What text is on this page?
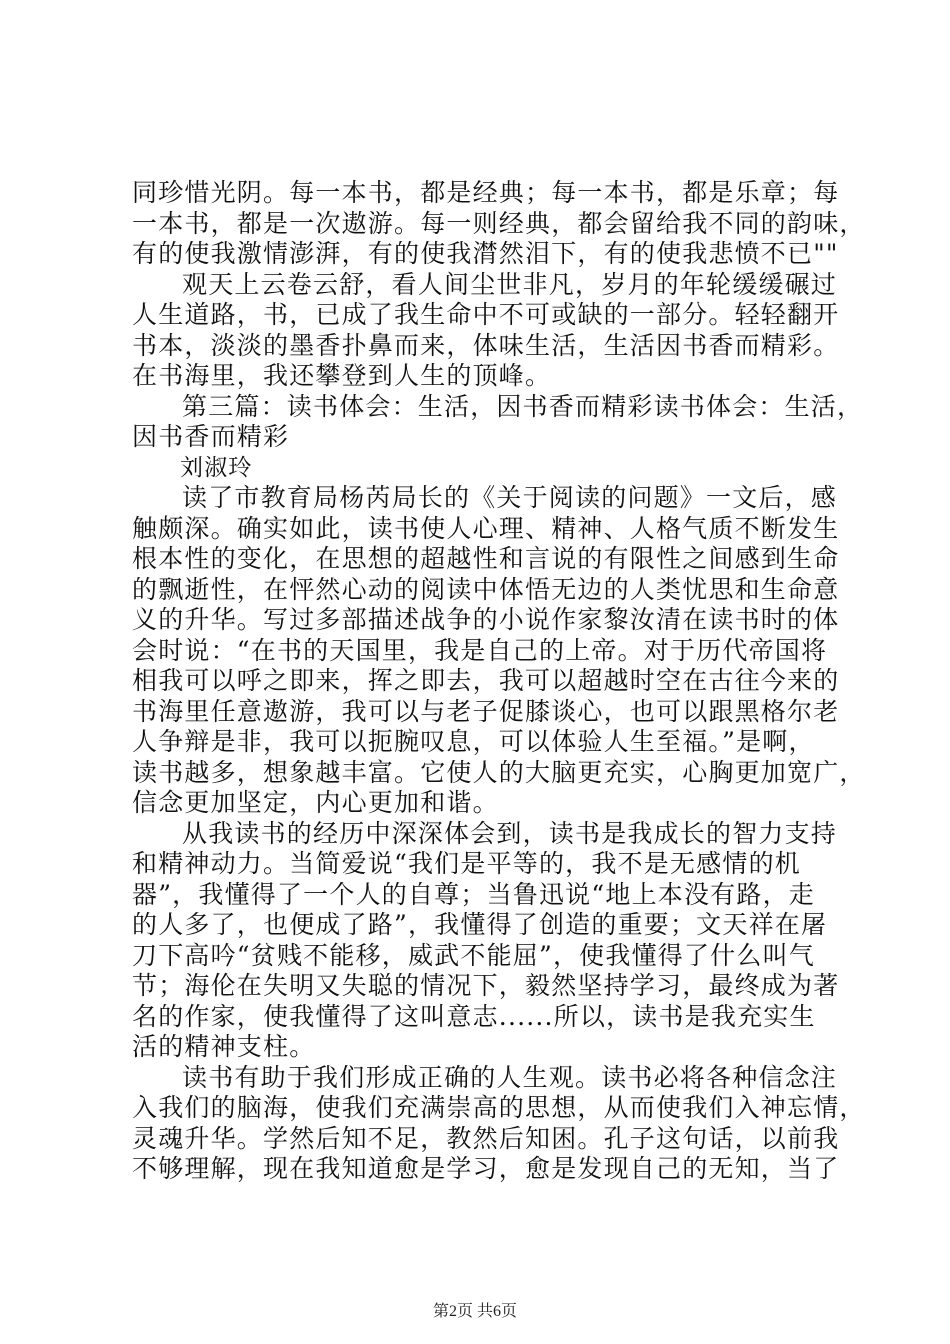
同珍惜光阴。每一本书，都是经典；每一本书，都是乐章；每
一本书，都是一次遨游。每一则经典，都会留给我不同的韵味，
有的使我激情澎湃，有的使我潸然泪下，有的使我悲愤不已""
观天上云卷云舒，看人间尘世非凡，岁月的年轮缓缓碾过
人生道路，书，已成了我生命中不可或缺的一部分。轻轻翻开
书本，淡淡的墨香扑鼻而来，体味生活，生活因书香而精彩。
在书海里，我还攀登到人生的顶峰。
第三篇：读书体会：生活，因书香而精彩读书体会：生活，
因书香而精彩
刘淑玲
读了市教育局杨芮局长的《关于阅读的问题》一文后，感
触颇深。确实如此，读书使人心理、精神、人格气质不断发生
根本性的变化，在思想的超越性和言说的有限性之间感到生命
的飘逝性，在怦然心动的阅读中体悟无边的人类忧思和生命意
义的升华。写过多部描述战争的小说作家黎汝清在读书时的体
会时说：“在书的天国里，我是自己的上帝。对于历代帝国将
相我可以呼之即来，挥之即去，我可以超越时空在古往今来的
书海里任意遨游，我可以与老子促膝谈心，也可以跟黑格尔老
人争辩是非，我可以扼腕叹息，可以体验人生至福。”是啊，
读书越多，想象越丰富。它使人的大脑更充实，心胸更加宽广，
信念更加坚定，内心更加和谐。
从我读书的经历中深深体会到，读书是我成长的智力支持
和精神动力。当简爱说“我们是平等的，我不是无感情的机
器”，我懂得了一个人的自尊；当鲁迅说“地上本没有路，走
的人多了，也便成了路”，我懂得了创造的重要；文天祥在屠
刀下高吟“贫贱不能移，威武不能屈”，使我懂得了什么叫气
节；海伦在失明又失聪的情况下，毅然坚持学习，最终成为著
名的作家，使我懂得了这叫意志......所以，读书是我充实生
活的精神支柱。
读书有助于我们形成正确的人生观。读书必将各种信念注
入我们的脑海，使我们充满崇高的思想，从而使我们入神忘情，
灵魂升华。学然后知不足，教然后知困。孔子这句话，以前我
不够理解，现在我知道愈是学习，愈是发现自己的无知，当了
第2页 共6页
